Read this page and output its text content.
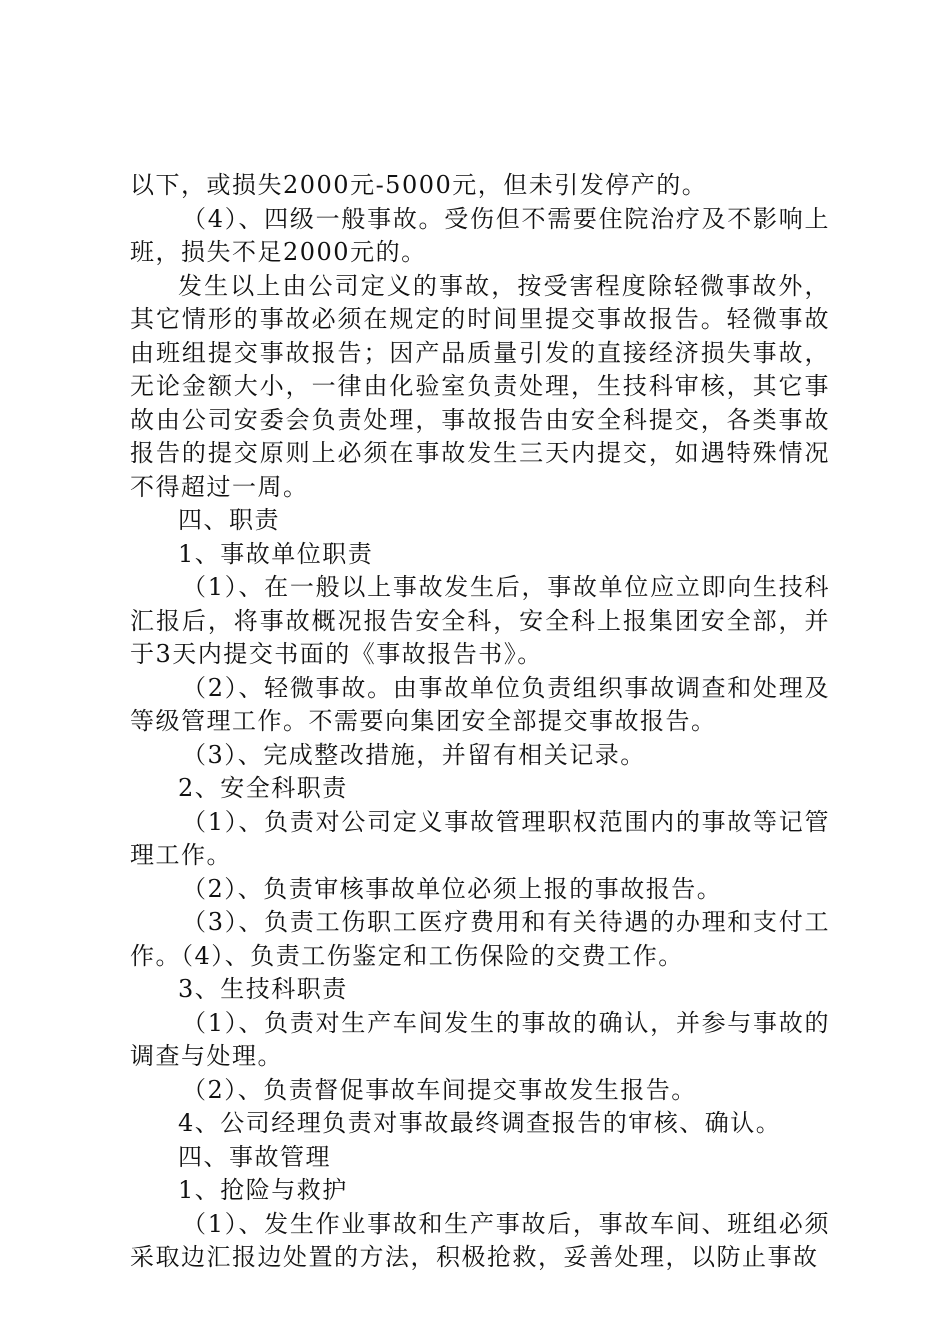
以下，或损失2000元-5000元，但未引发停产的。

（4）、四级一般事故。受伤但不需要住院治疗及不影响上班，损失不足2000元的。

发生以上由公司定义的事故，按受害程度除轻微事故外，其它情形的事故必须在规定的时间里提交事故报告。轻微事故由班组提交事故报告；因产品质量引发的直接经济损失事故，无论金额大小，一律由化验室负责处理，生技科审核，其它事故由公司安委会负责处理，事故报告由安全科提交，各类事故报告的提交原则上必须在事故发生三天内提交，如遇特殊情况不得超过一周。

四、职责

1、事故单位职责

（1）、在一般以上事故发生后，事故单位应立即向生技科汇报后，将事故概况报告安全科，安全科上报集团安全部，并于3天内提交书面的《事故报告书》。

（2）、轻微事故。由事故单位负责组织事故调查和处理及等级管理工作。不需要向集团安全部提交事故报告。

（3）、完成整改措施，并留有相关记录。

2、安全科职责

（1）、负责对公司定义事故管理职权范围内的事故等记管理工作。

（2）、负责审核事故单位必须上报的事故报告。

（3）、负责工伤职工医疗费用和有关待遇的办理和支付工作。（4）、负责工伤鉴定和工伤保险的交费工作。

3、生技科职责

（1）、负责对生产车间发生的事故的确认，并参与事故的调查与处理。

（2）、负责督促事故车间提交事故发生报告。

4、公司经理负责对事故最终调查报告的审核、确认。

四、事故管理

1、抢险与救护

（1）、发生作业事故和生产事故后，事故车间、班组必须采取边汇报边处置的方法，积极抢救，妥善处理，以防止事故
